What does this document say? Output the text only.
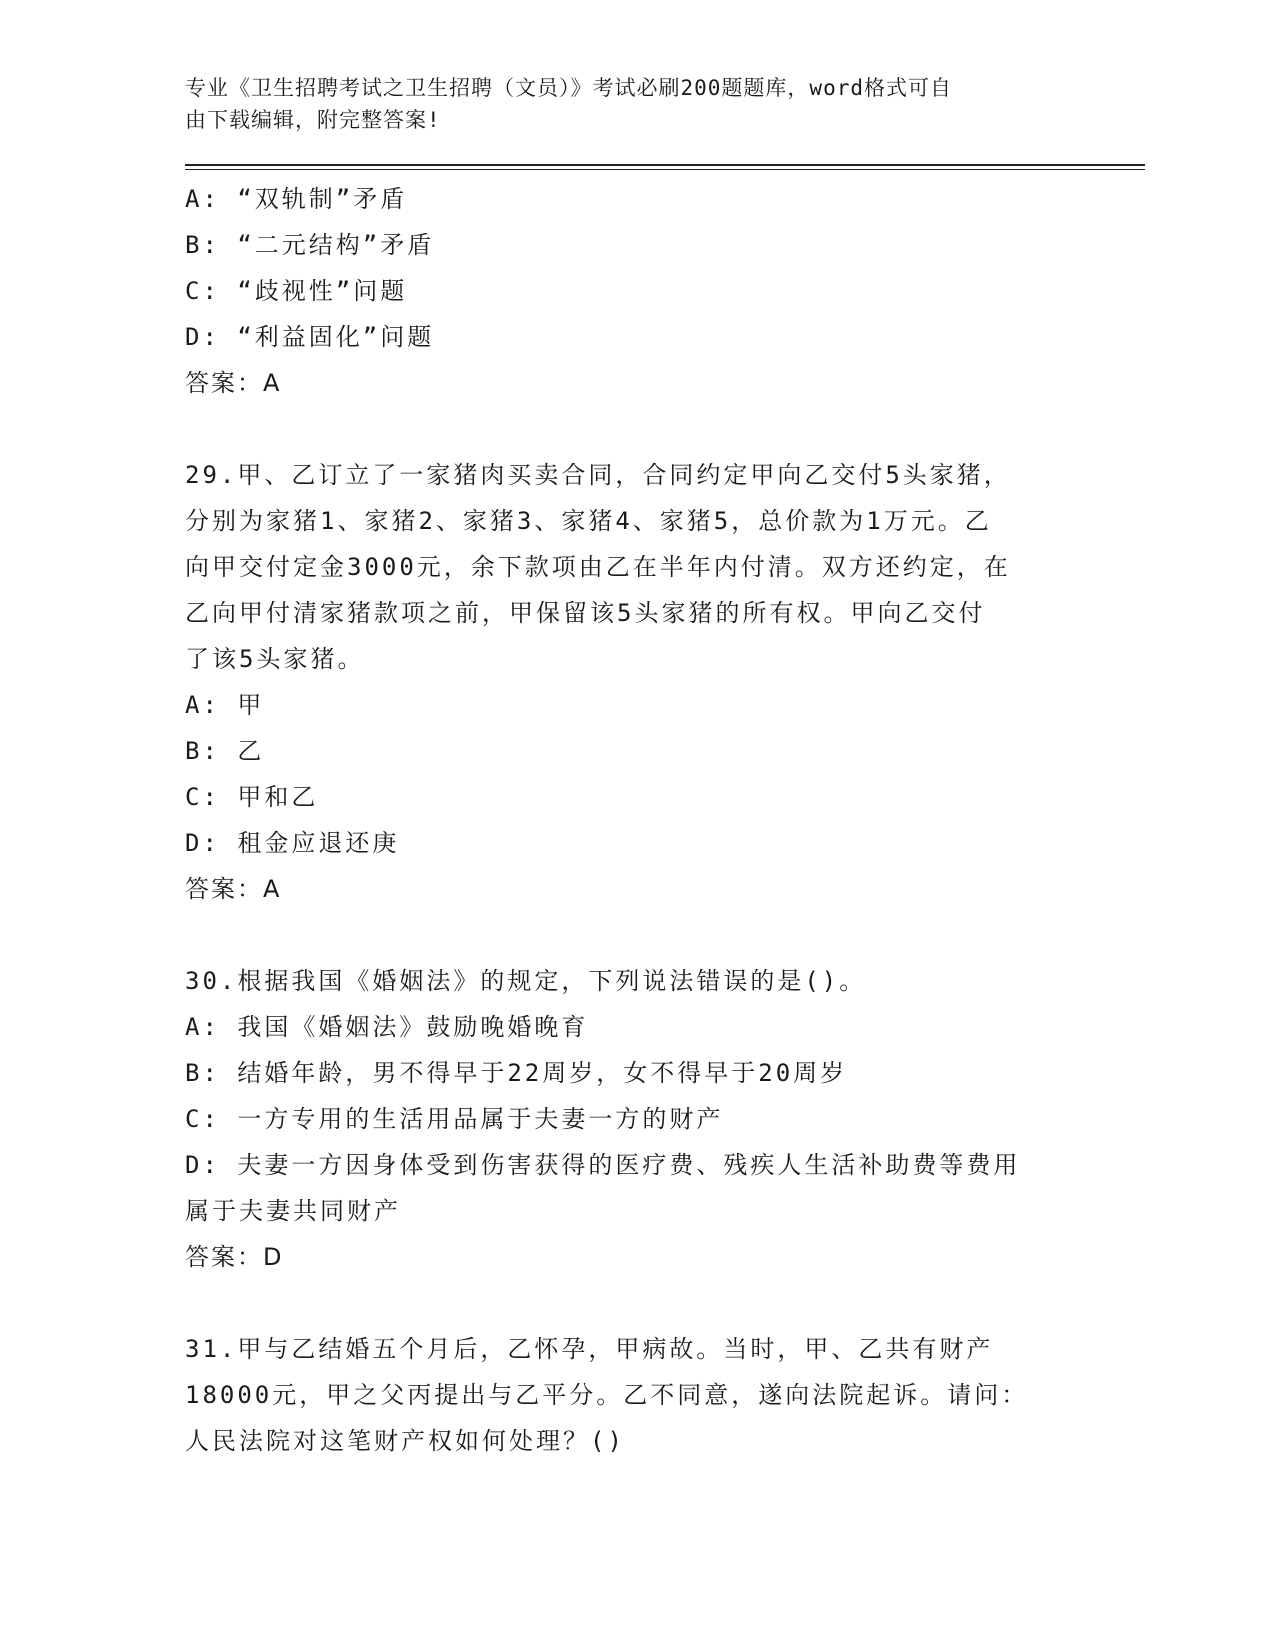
专业《卫生招聘考试之卫生招聘（文员）》考试必刷200题题库，word格式可自
由下载编辑，附完整答案!
A: “双轨制”矛盾
B: “二元结构”矛盾
C: “歧视性”问题
D: “利益固化”问题
答案：A
29.甲、乙订立了一家猪肉买卖合同，合同约定甲向乙交付5头家猪，
分别为家猪1、家猪2、家猪3、家猪4、家猪5，总价款为1万元。乙
向甲交付定金3000元，余下款项由乙在半年内付清。双方还约定，在
乙向甲付清家猪款项之前，甲保留该5头家猪的所有权。甲向乙交付
了该5头家猪。
A: 甲
B: 乙
C: 甲和乙
D: 租金应退还庚
答案：A
30.根据我国《婚姻法》的规定，下列说法错误的是()。
A: 我国《婚姻法》鼓励晚婚晚育
B: 结婚年龄，男不得早于22周岁，女不得早于20周岁
C: 一方专用的生活用品属于夫妻一方的财产
D: 夫妻一方因身体受到伤害获得的医疗费、残疾人生活补助费等费用
属于夫妻共同财产
答案：D
31.甲与乙结婚五个月后，乙怀孕，甲病故。当时，甲、乙共有财产
18000元，甲之父丙提出与乙平分。乙不同意，遂向法院起诉。请问：
人民法院对这笔财产权如何处理？()
